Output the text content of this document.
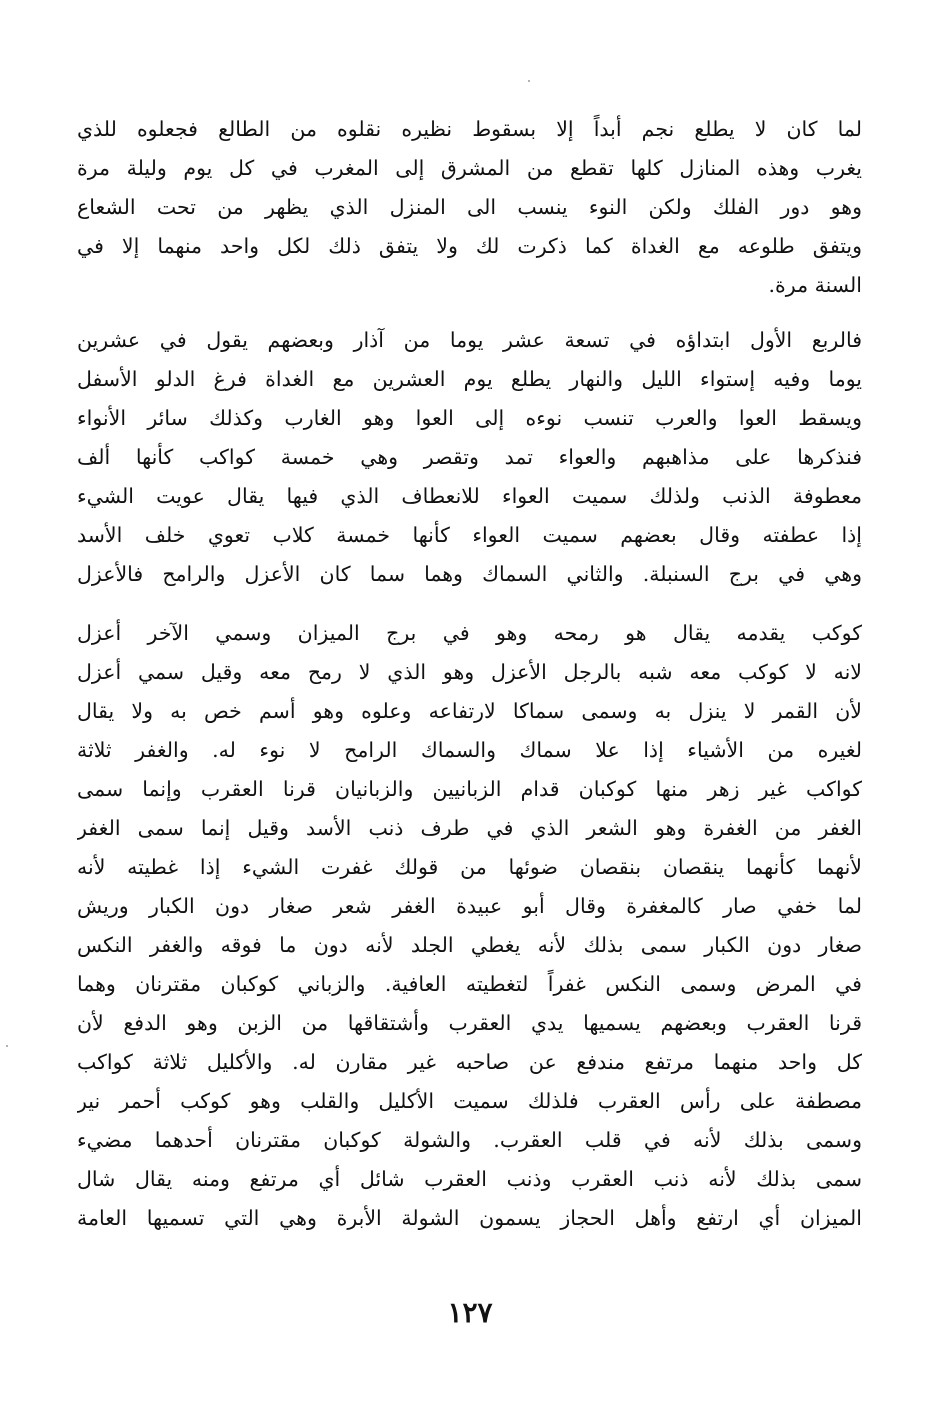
لما كان لا يطلع نجم أبداً إلا بسقوط نظيره نقلوه من الطالع فجعلوه للذي
يغرب وهذه المنازل كلها تقطع من المشرق إلى المغرب في كل يوم وليلة مرة
وهو دور الفلك ولكن النوء ينسب الى المنزل الذي يظهر من تحت الشعاع
ويتفق طلوعه مع الغداة كما ذكرت لك ولا يتفق ذلك لكل واحد منهما إلا في
السنة مرة.
فالربع الأول ابتداؤه في تسعة عشر يوما من آذار وبعضهم يقول في عشرين
يوما وفيه إستواء الليل والنهار يطلع يوم العشرين مع الغداة فرغ الدلو الأسفل
ويسقط العوا والعرب تنسب نوءه إلى العوا وهو الغارب وكذلك سائر الأنواء
فنذكرها على مذاهبهم والعواء تمد وتقصر وهي خمسة كواكب كأنها ألف
معطوفة الذنب ولذلك سميت العواء للانعطاف الذي فيها يقال عويت الشيء
إذا عطفته وقال بعضهم سميت العواء كأنها خمسة كلاب تعوي خلف الأسد
وهي في برج السنبلة. والثاني السماك وهما سما كان الأعزل والرامح فالأعزل
كوكب يقدمه يقال هو رمحه وهو في برج الميزان وسمي الآخر أعزل
لانه لا كوكب معه شبه بالرجل الأعزل وهو الذي لا رمح معه وقيل سمي أعزل
لأن القمر لا ينزل به وسمى سماكا لارتفاعه وعلوه وهو أسم خص به ولا يقال
لغيره من الأشياء إذا علا سماك والسماك الرامح لا نوء له. والغفر ثلاثة
كواكب غير زهر منها كوكبان قدام الزبانيين والزبانيان قرنا العقرب وإنما سمى
الغفر من الغفرة وهو الشعر الذي في طرف ذنب الأسد وقيل إنما سمى الغفر
لأنهما كأنهما ينقصان بنقصان ضوئها من قولك غفرت الشيء إذا غطيته لأنه
لما خفي صار كالمغفرة وقال أبو عبيدة الغفر شعر صغار دون الكبار وريش
صغار دون الكبار سمى بذلك لأنه يغطي الجلد لأنه دون ما فوقه والغفر النكس
في المرض وسمى النكس غفراً لتغطيته العافية. والزباني كوكبان مقترنان وهما
قرنا العقرب وبعضهم يسميها يدي العقرب وأشتقاقها من الزبن وهو الدفع لأن
كل واحد منهما مرتفع مندفع عن صاحبه غير مقارن له. والأكليل ثلاثة كواكب
مصطفة على رأس العقرب فلذلك سميت الأكليل والقلب وهو كوكب أحمر نير
وسمى بذلك لأنه في قلب العقرب. والشولة كوكبان مقترنان أحدهما مضيء
سمى بذلك لأنه ذنب العقرب وذنب العقرب شائل أي مرتفع ومنه يقال شال
الميزان أي ارتفع وأهل الحجاز يسمون الشولة الأبرة وهي التي تسميها العامة
١٢٧
